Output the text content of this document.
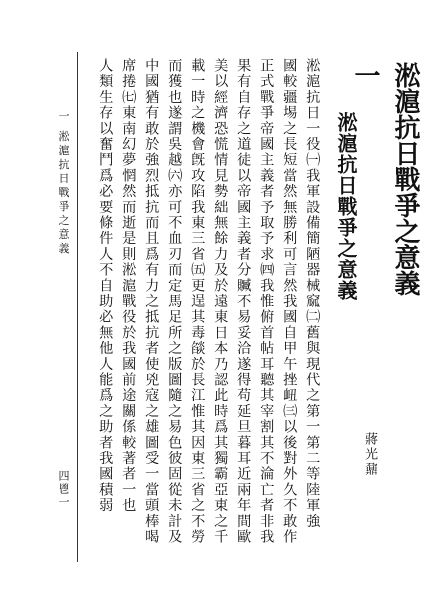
淞滬抗日戰爭之意義
蔣光鼐
一
淞滬抗日戰爭之意義
淞滬抗日一役㈠我軍設備簡陋器械窳㈡舊與現代之第一第二等陸軍強
國較疆埸之長短當然無勝利可言然我國自甲午挫衄㈢以後對外久不敢作
正式戰爭帝國主義者予取予求㈣我惟俯首帖耳聽其宰割其不淪亡者非我
果有自存之道徒以帝國主義者分贓不易妥洽遂得苟延旦暮耳近兩年間歐
美以經濟恐慌情見勢絀無餘力及於遠東日本乃認此時爲其獨霸亞東之千
載一時之機會旣攻陷我東三省㈤更逞其毒燄於長江惟其因東三省之不勞
而獲也遂謂吳越㈥亦可不血刃而定馬足所之版圖隨之易色彼固從未計及
中國猶有敢於強烈抵抗而且爲有力之抵抗者使兇寇之雄圖受一當頭棒喝
席捲㈦東南幻夢惘然而逝是則淞滬戰役於我國前途關係較著者一也
人類生存以奮鬥爲必要條件人不自助必無他人能爲之助者我國積弱
一 淞滬抗日戰爭之意義
四鬯一
